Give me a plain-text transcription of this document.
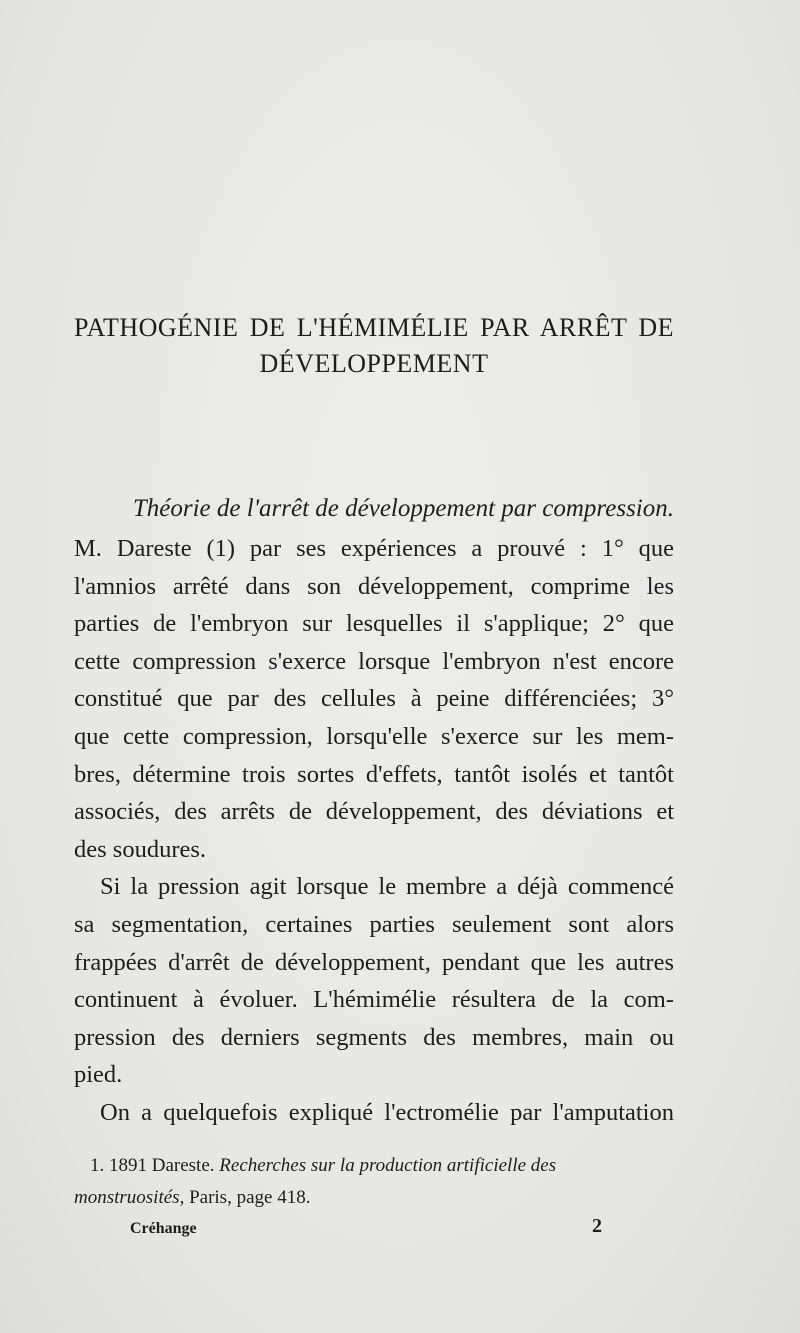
PATHOGÉNIE DE L'HÉMIMÉLIE PAR ARRÊT DE
DÉVELOPPEMENT
Théorie de l'arrêt de développement par compression.
M. Dareste (1) par ses expériences a prouvé : 1° que
l'amnios arrêté dans son développement, comprime les
parties de l'embryon sur lesquelles il s'applique; 2° que
cette compression s'exerce lorsque l'embryon n'est encore
constitué que par des cellules à peine différenciées; 3°
que cette compression, lorsqu'elle s'exerce sur les mem-
bres, détermine trois sortes d'effets, tantôt isolés et tantôt
associés, des arrêts de développement, des déviations et
des soudures.
Si la pression agit lorsque le membre a déjà commencé
sa segmentation, certaines parties seulement sont alors
frappées d'arrêt de développement, pendant que les autres
continuent à évoluer. L'hémimélie résultera de la com-
pression des derniers segments des membres, main ou
pied.
On a quelquefois expliqué l'ectromélie par l'amputation
1. 1891 Dareste. Recherches sur la production artificielle des
monstruosités, Paris, page 418.
Créhange	2
